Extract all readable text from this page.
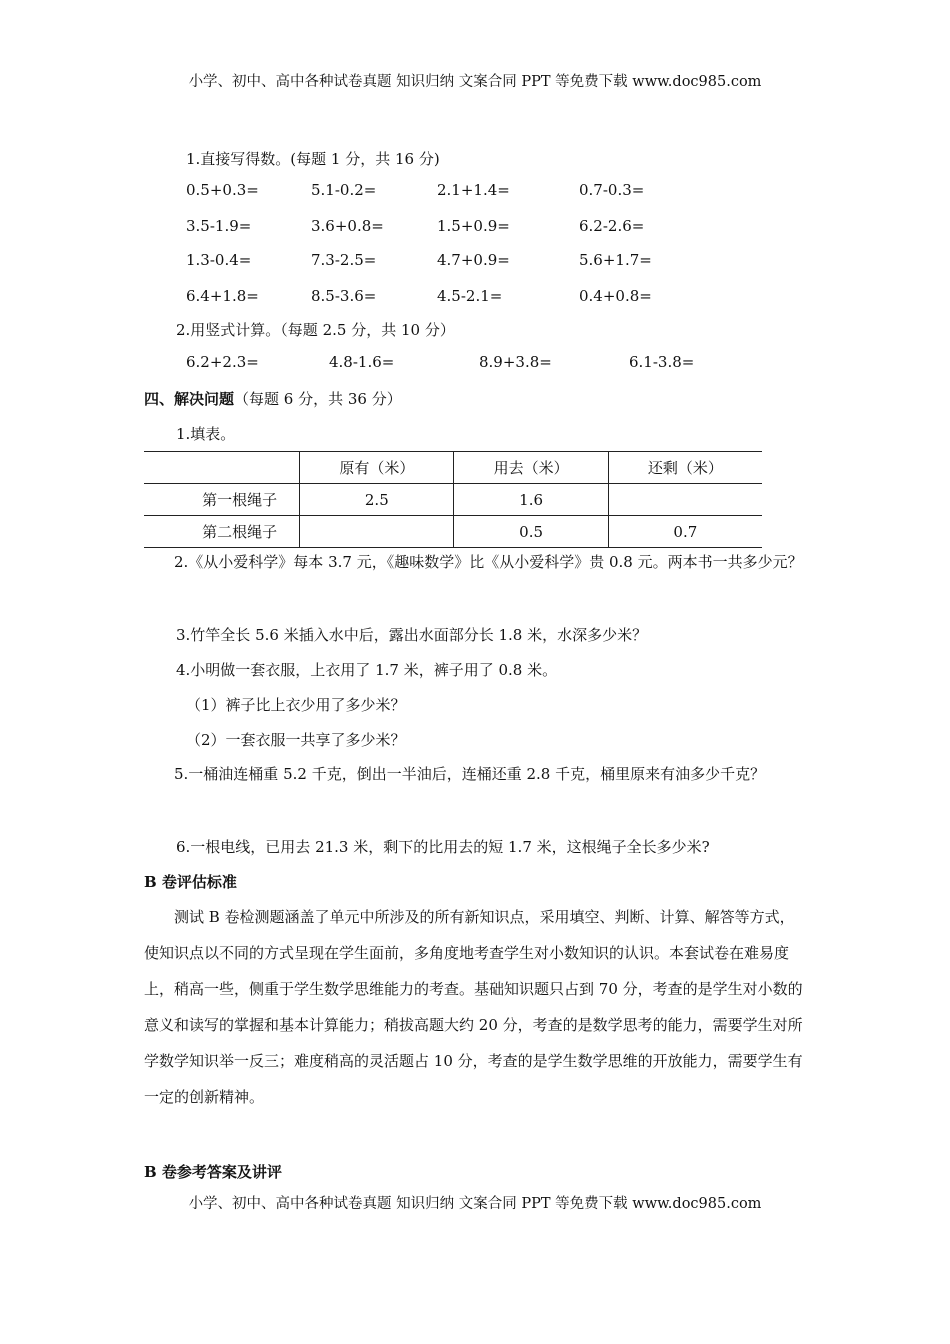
小学、初中、高中各种试卷真题 知识归纳 文案合同 PPT 等免费下载 www.doc985.com
1.直接写得数。(每题 1 分，共 16 分)
0.5+0.3=	5.1-0.2=	2.1+1.4=	0.7-0.3=
3.5-1.9=	3.6+0.8=	1.5+0.9=	6.2-2.6=
1.3-0.4=	7.3-2.5=	4.7+0.9=	5.6+1.7=
6.4+1.8=	8.5-3.6=	4.5-2.1=	0.4+0.8=
2.用竖式计算。（每题 2.5 分，共 10 分）
6.2+2.3=	4.8-1.6=	8.9+3.8=	6.1-3.8=
四、解决问题（每题 6 分，共 36 分）
1.填表。
	原有（米）	用去（米）	还剩（米）
第一根绳子	2.5	1.6	
第二根绳子		0.5	0.7
2.《从小爱科学》每本 3.7 元，《趣味数学》比《从小爱科学》贵 0.8 元。两本书一共多少元？
3.竹竿全长 5.6 米插入水中后，露出水面部分长 1.8 米，水深多少米？
4.小明做一套衣服，上衣用了 1.7 米，裤子用了 0.8 米。
（1）裤子比上衣少用了多少米？
（2）一套衣服一共享了多少米？
5.一桶油连桶重 5.2 千克，倒出一半油后，连桶还重 2.8 千克，桶里原来有油多少千克？
6.一根电线，已用去 21.3 米，剩下的比用去的短 1.7 米，这根绳子全长多少米?
B 卷评估标准
测试 B 卷检测题涵盖了单元中所涉及的所有新知识点，采用填空、判断、计算、解答等方式，使知识点以不同的方式呈现在学生面前，多角度地考查学生对小数知识的认识。本套试卷在难易度上，稍高一些，侧重于学生数学思维能力的考查。基础知识题只占到 70 分，考查的是学生对小数的意义和读写的掌握和基本计算能力；稍拔高题大约 20 分，考查的是数学思考的能力，需要学生对所学数学知识举一反三；难度稍高的灵活题占 10 分，考查的是学生数学思维的开放能力，需要学生有一定的创新精神。
B 卷参考答案及讲评
小学、初中、高中各种试卷真题 知识归纳 文案合同 PPT 等免费下载 www.doc985.com
